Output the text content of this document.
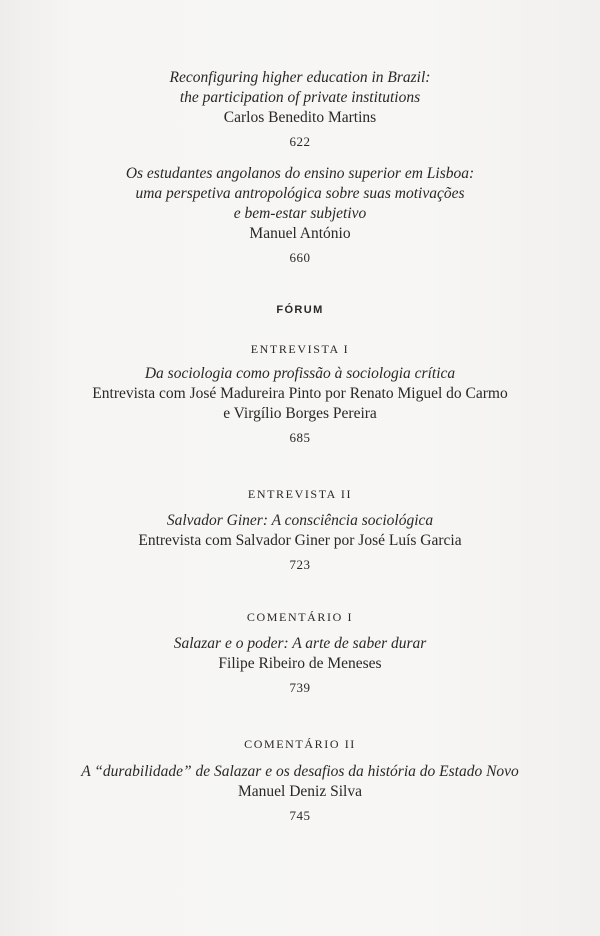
Reconfiguring higher education in Brazil:
the participation of private institutions
Carlos Benedito Martins
622
Os estudantes angolanos do ensino superior em Lisboa:
uma perspetiva antropológica sobre suas motivações
e bem-estar subjetivo
Manuel António
660
FÓRUM
ENTREVISTA I
Da sociologia como profissão à sociologia crítica
Entrevista com José Madureira Pinto por Renato Miguel do Carmo
e Virgílio Borges Pereira
685
ENTREVISTA II
Salvador Giner: A consciência sociológica
Entrevista com Salvador Giner por José Luís Garcia
723
COMENTÁRIO I
Salazar e o poder: A arte de saber durar
Filipe Ribeiro de Meneses
739
COMENTÁRIO II
A “durabilidade” de Salazar e os desafios da história do Estado Novo
Manuel Deniz Silva
745
